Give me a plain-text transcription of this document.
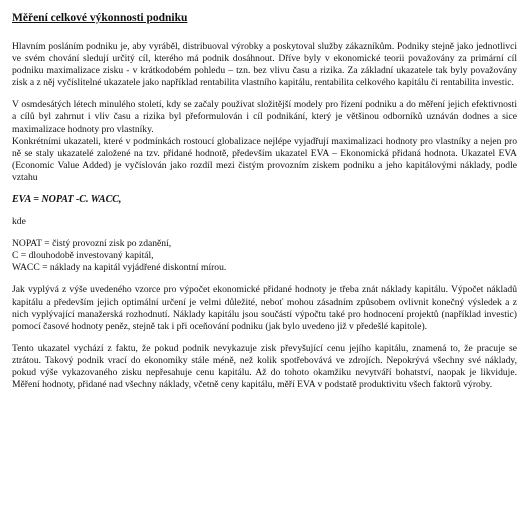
Měření celkové výkonnosti podniku

Hlavním posláním podniku je, aby vyráběl, distribuoval výrobky a poskytoval služby zákazníkům. Podniky stejně jako jednotlivci ve svém chování sledují určitý cíl, kterého má podnik dosáhnout. Dříve byly v ekonomické teorii považovány za primární cíl podniku maximalizace zisku - v krátkodobém pohledu – tzn. bez vlivu času a rizika. Za základní ukazatele tak byly považovány zisk a z něj vyčíslitelné ukazatele jako například rentabilita vlastního kapitálu, rentabilita celkového kapitálu či rentabilita investic.

V osmdesátých létech minulého století, kdy se začaly používat složitější modely pro řízení podniku a do měření jejich efektivnosti a cílů byl zahrnut i vliv času a rizika byl přeformulován i cíl podnikání, který je většinou odborníků uznáván dodnes a sice maximalizace hodnoty pro vlastníky.

Konkrétními ukazateli, které v podmínkách rostoucí globalizace nejlépe vyjadřují maximalizaci hodnoty pro vlastníky a nejen pro ně se staly ukazatelé založené na tzv. přidané hodnotě, především ukazatel EVA – Ekonomická přidaná hodnota. Ukazatel EVA (Economic Value Added) je vyčíslován jako rozdíl mezi čistým provozním ziskem podniku a jeho kapitálovými náklady, podle vztahu

EVA = NOPAT -C. WACC,

kde

NOPAT = čistý provozní zisk po zdanění,

C = dlouhodobě investovaný kapitál,

WACC = náklady na kapitál vyjádřené diskontní mírou.

Jak vyplývá z výše uvedeného vzorce pro výpočet ekonomické přidané hodnoty je třeba znát náklady kapitálu. Výpočet nákladů kapitálu a především jejich optimální určení je velmi důležité, neboť mohou zásadním způsobem ovlivnit konečný výsledek a z nich vyplývající manažerská rozhodnutí. Náklady kapitálu jsou součástí výpočtu také pro hodnocení projektů (například investic) pomocí časové hodnoty peněz, stejně tak i při oceňování podniku (jak bylo uvedeno již v předešlé kapitole).

Tento ukazatel vychází z faktu, že pokud podnik nevykazuje zisk převyšující cenu jejího kapitálu, znamená to, že pracuje se ztrátou. Takový podnik vrací do ekonomiky stále méně, než kolik spotřebovává ve zdrojích. Nepokrývá všechny své náklady, pokud výše vykazovaného zisku nepřesahuje cenu kapitálu. Až do tohoto okamžiku nevytváří bohatství, naopak je likviduje. Měření hodnoty, přidané nad všechny náklady, včetně ceny kapitálu, měří EVA v podstatě produktivitu všech faktorů výroby.
